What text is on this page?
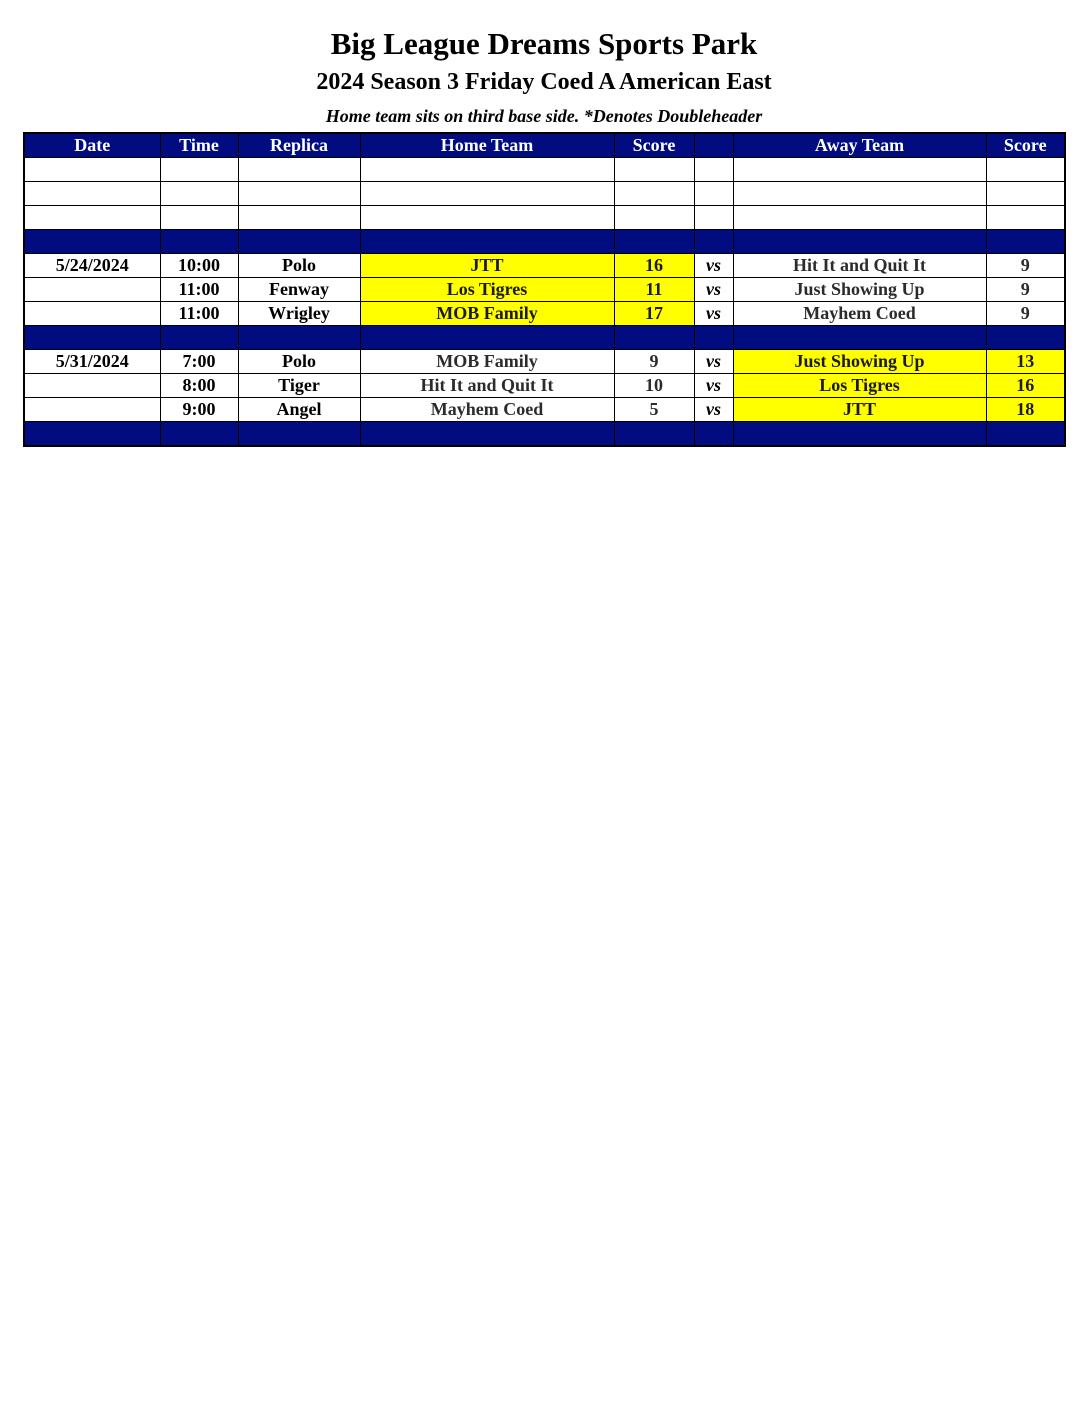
Big League Dreams Sports Park
2024 Season 3 Friday Coed A American East
Home team sits on third base side. *Denotes Doubleheader
Date	Time	Replica	Home Team	Score		Away Team	Score

5/24/2024	10:00	Polo	JTT	16	vs	Hit It and Quit It	9
	11:00	Fenway	Los Tigres	11	vs	Just Showing Up	9
	11:00	Wrigley	MOB Family	17	vs	Mayhem Coed	9

5/31/2024	7:00	Polo	MOB Family	9	vs	Just Showing Up	13
	8:00	Tiger	Hit It and Quit It	10	vs	Los Tigres	16
	9:00	Angel	Mayhem Coed	5	vs	JTT	18
